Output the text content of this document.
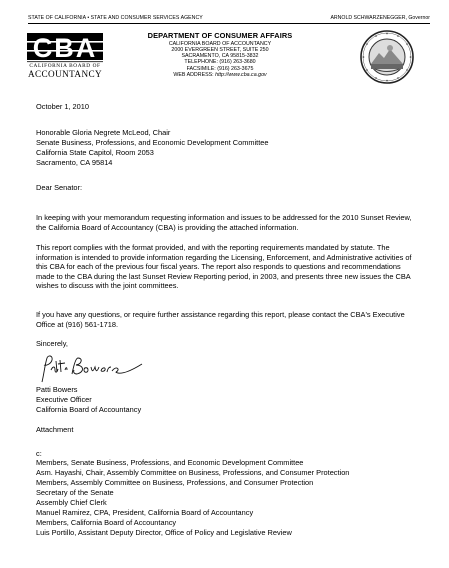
STATE OF CALIFORNIA • STATE AND CONSUMER SERVICES AGENCY	ARNOLD SCHWARZENEGGER, Governor
CBA
CALIFORNIA BOARD OF
ACCOUNTANCY
DEPARTMENT OF CONSUMER AFFAIRS
CALIFORNIA BOARD OF ACCOUNTANCY
2000 EVERGREEN STREET, SUITE 250
SACRAMENTO, CA 95815-3832
TELEPHONE: (916) 263-3680
FACSIMILE: (916) 263-3675
WEB ADDRESS: http://www.cba.ca.gov
October 1, 2010
Honorable Gloria Negrete McLeod, Chair
Senate Business, Professions, and Economic Development Committee
California State Capitol, Room 2053
Sacramento, CA 95814
Dear Senator:
In keeping with your memorandum requesting information and issues to be addressed for the 2010 Sunset Review, the California Board of Accountancy (CBA) is providing the attached information.
This report complies with the format provided, and with the reporting requirements mandated by statute. The information is intended to provide information regarding the Licensing, Enforcement, and Administrative activities of this CBA for each of the previous four fiscal years. The report also responds to questions and recommendations made to the CBA during the last Sunset Review Reporting period, in 2003, and presents three new issues the CBA wishes to discuss with the joint committees.
If you have any questions, or require further assistance regarding this report, please contact the CBA's Executive Office at (916) 561-1718.
Sincerely,
Patti Bowers
Executive Officer
California Board of Accountancy
Attachment
c:
Members, Senate Business, Professions, and Economic Development Committee
Asm. Hayashi, Chair, Assembly Committee on Business, Professions, and Consumer Protection
Members, Assembly Committee on Business, Professions, and Consumer Protection
Secretary of the Senate
Assembly Chief Clerk
Manuel Ramirez, CPA, President, California Board of Accountancy
Members, California Board of Accountancy
Luis Portillo, Assistant Deputy Director, Office of Policy and Legislative Review
